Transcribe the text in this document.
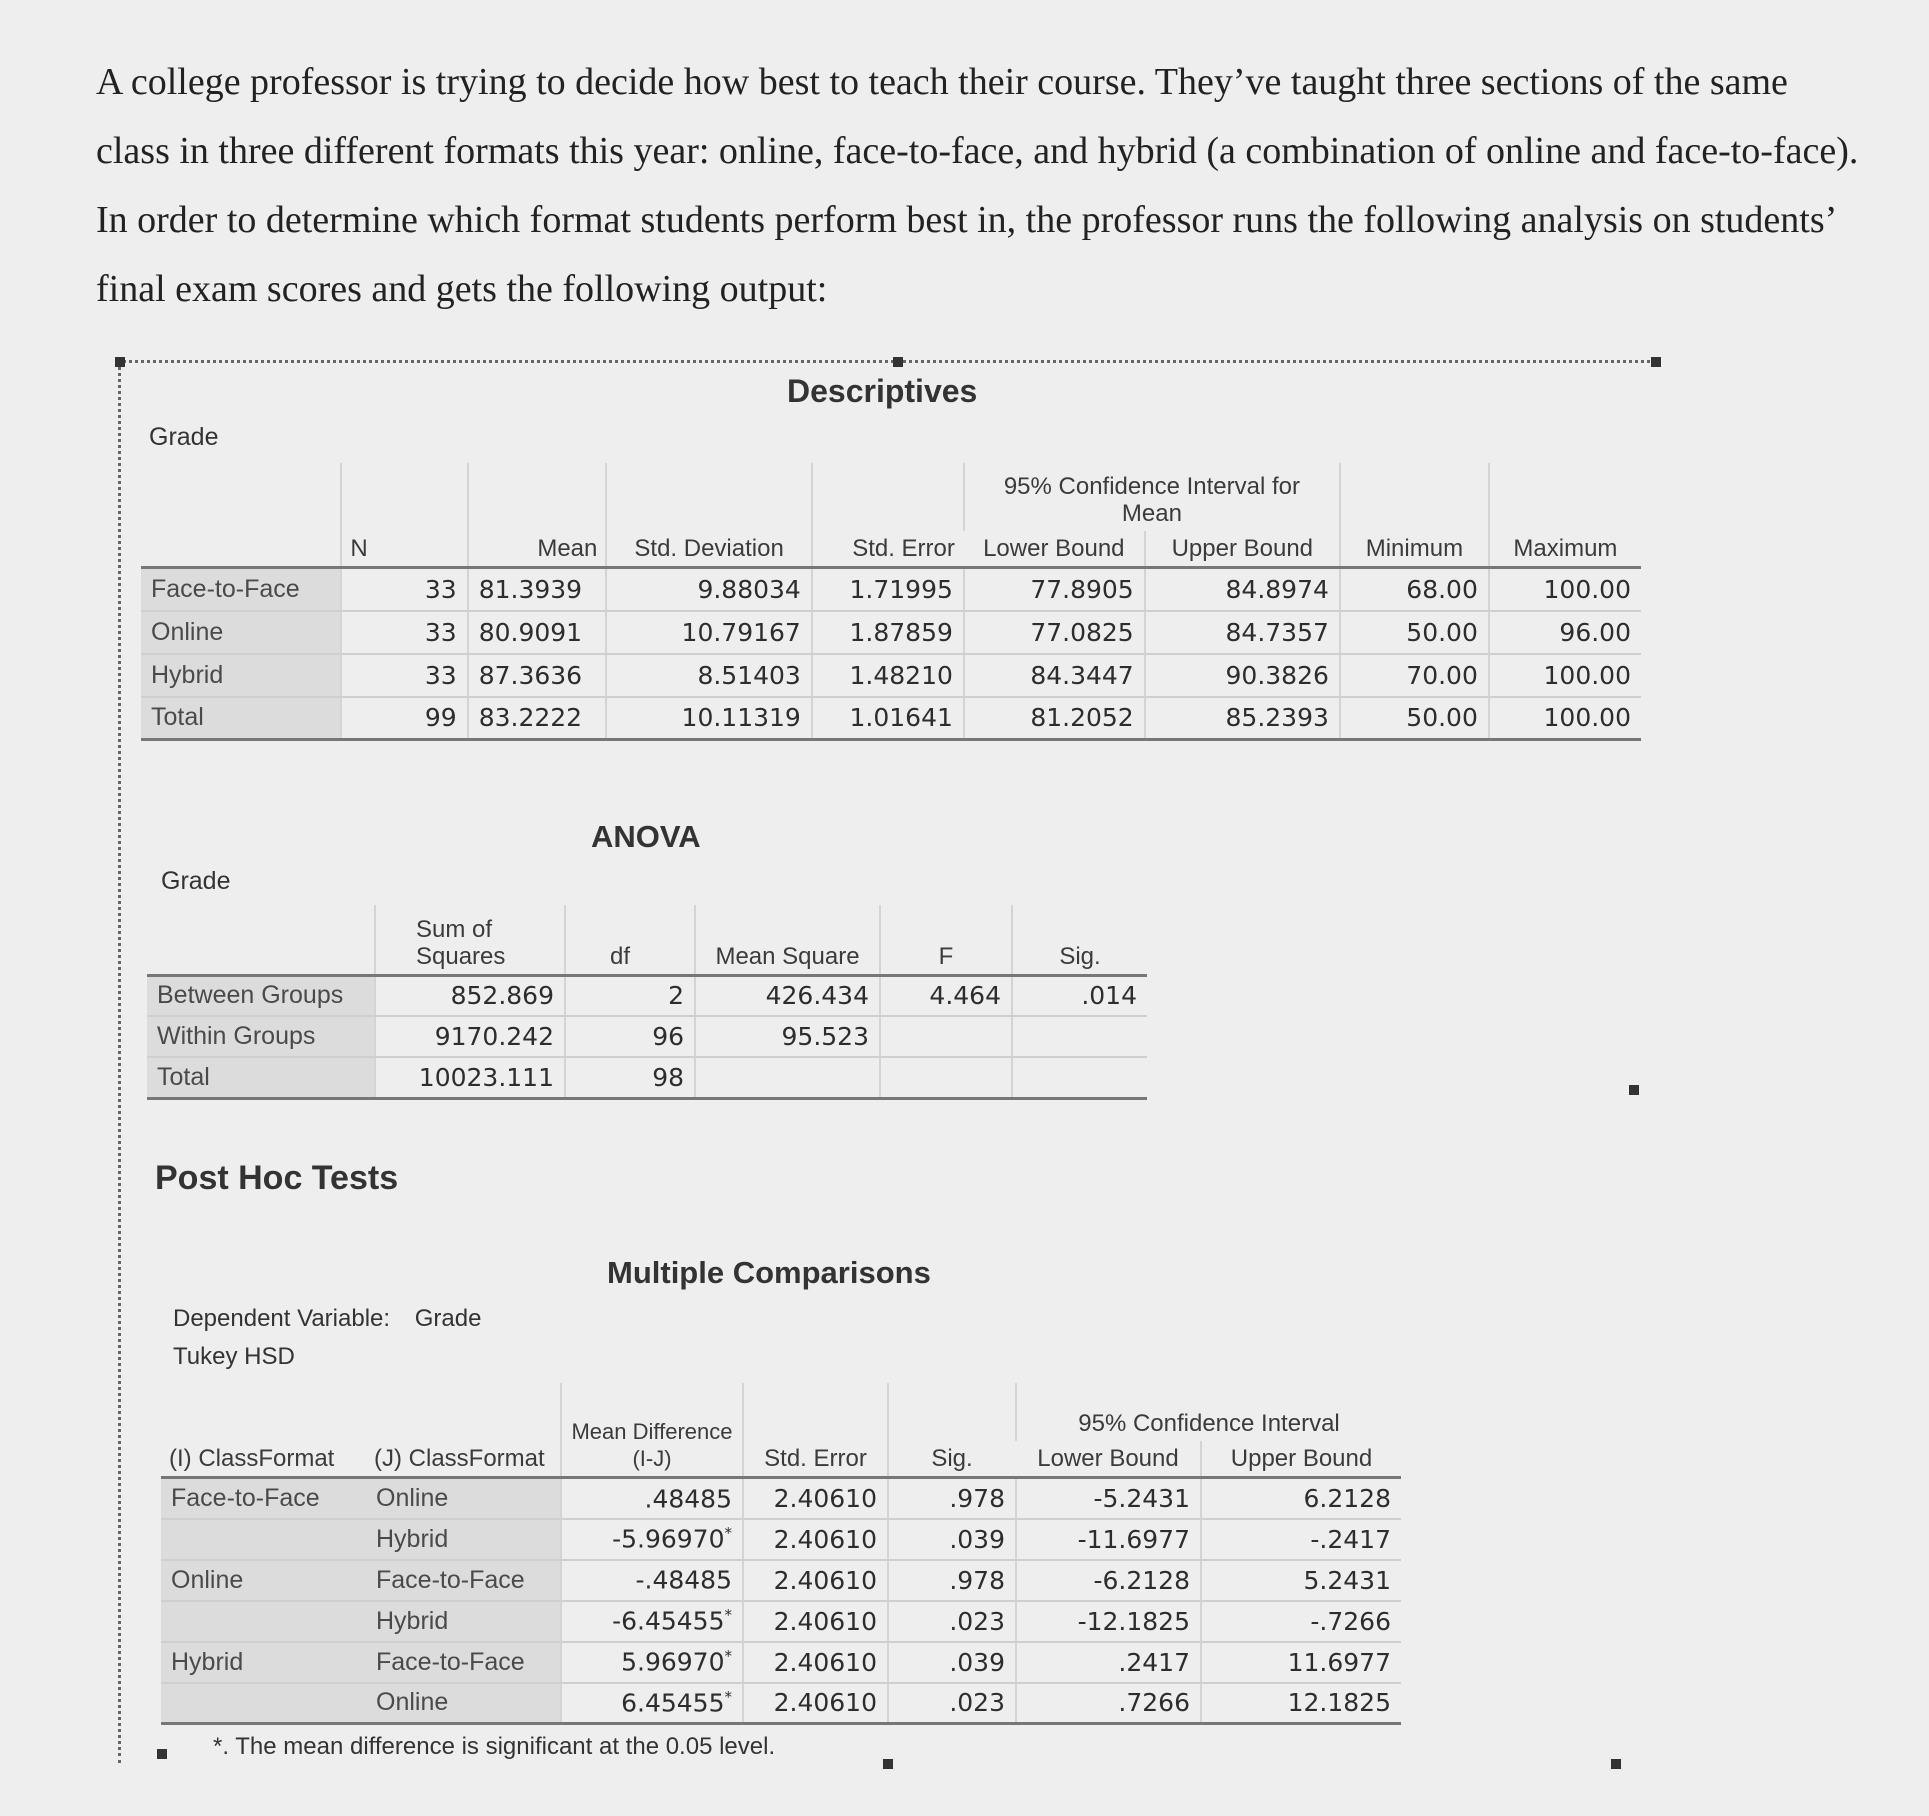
A college professor is trying to decide how best to teach their course. They’ve taught three sections of the same

class in three different formats this year: online, face-to-face, and hybrid (a combination of online and face-to-face).

In order to determine which format students perform best in, the professor runs the following analysis on students’

final exam scores and gets the following output:

Descriptives
Grade
	N	Mean	Std. Deviation	Std. Error	95% Confidence Interval for Mean		Minimum	Maximum
					Lower Bound	Upper Bound		

Face-to-Face	33	81.3939	9.88034	1.71995	77.8905	84.8974	68.00	100.00
Online	33	80.9091	10.79167	1.87859	77.0825	84.7357	50.00	96.00
Hybrid	33	87.3636	8.51403	1.48210	84.3447	90.3826	70.00	100.00
Total	99	83.2222	10.11319	1.01641	81.2052	85.2393	50.00	100.00
ANOVA
Grade
	Sum of Squares	df	Mean Square	F	Sig.
Between Groups	852.869	2	426.434	4.464	.014
Within Groups	9170.242	96	95.523		
Total	10023.111	98			
Post Hoc Tests
Multiple Comparisons
Dependent Variable: Grade
Tukey HSD
(I) ClassFormat	(J) ClassFormat	Mean Difference (I-J)	Std. Error	Sig.	95% Confidence Interval	
					Lower Bound	Upper Bound

Face-to-Face	Online	.48485	2.40610	.978	-5.2431	6.2128
	Hybrid	-5.96970*	2.40610	.039	-11.6977	-.2417
Online	Face-to-Face	-.48485	2.40610	.978	-6.2128	5.2431
	Hybrid	-6.45455*	2.40610	.023	-12.1825	-.7266
Hybrid	Face-to-Face	5.96970*	2.40610	.039	.2417	11.6977
	Online	6.45455*	2.40610	.023	.7266	12.1825
*. The mean difference is significant at the 0.05 level.
